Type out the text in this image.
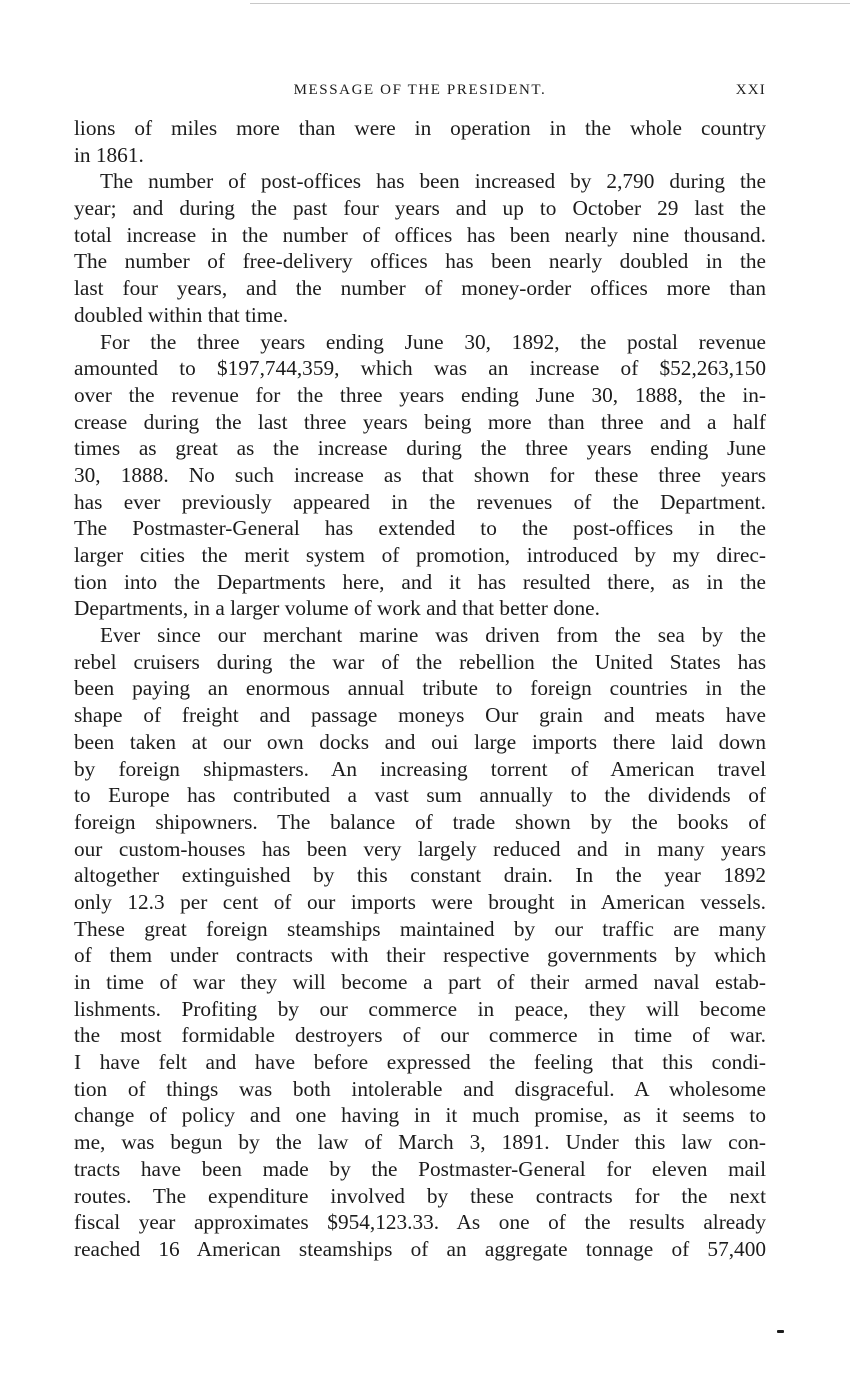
MESSAGE OF THE PRESIDENT.	XXI
lions of miles more than were in operation in the whole country
in 1861.
The number of post-offices has been increased by 2,790 during the
year; and during the past four years and up to October 29 last the
total increase in the number of offices has been nearly nine thousand.
The number of free-delivery offices has been nearly doubled in the
last four years, and the number of money-order offices more than
doubled within that time.
For the three years ending June 30, 1892, the postal revenue
amounted to $197,744,359, which was an increase of $52,263,150
over the revenue for the three years ending June 30, 1888, the in-
crease during the last three years being more than three and a half
times as great as the increase during the three years ending June
30, 1888. No such increase as that shown for these three years
has ever previously appeared in the revenues of the Department.
The Postmaster-General has extended to the post-offices in the
larger cities the merit system of promotion, introduced by my direc-
tion into the Departments here, and it has resulted there, as in the
Departments, in a larger volume of work and that better done.
Ever since our merchant marine was driven from the sea by the
rebel cruisers during the war of the rebellion the United States has
been paying an enormous annual tribute to foreign countries in the
shape of freight and passage moneys Our grain and meats have
been taken at our own docks and oui large imports there laid down
by foreign shipmasters. An increasing torrent of American travel
to Europe has contributed a vast sum annually to the dividends of
foreign shipowners. The balance of trade shown by the books of
our custom-houses has been very largely reduced and in many years
altogether extinguished by this constant drain. In the year 1892
only 12.3 per cent of our imports were brought in American vessels.
These great foreign steamships maintained by our traffic are many
of them under contracts with their respective governments by which
in time of war they will become a part of their armed naval estab-
lishments. Profiting by our commerce in peace, they will become
the most formidable destroyers of our commerce in time of war.
I have felt and have before expressed the feeling that this condi-
tion of things was both intolerable and disgraceful. A wholesome
change of policy and one having in it much promise, as it seems to
me, was begun by the law of March 3, 1891. Under this law con-
tracts have been made by the Postmaster-General for eleven mail
routes. The expenditure involved by these contracts for the next
fiscal year approximates $954,123.33. As one of the results already
reached 16 American steamships of an aggregate tonnage of 57,400
